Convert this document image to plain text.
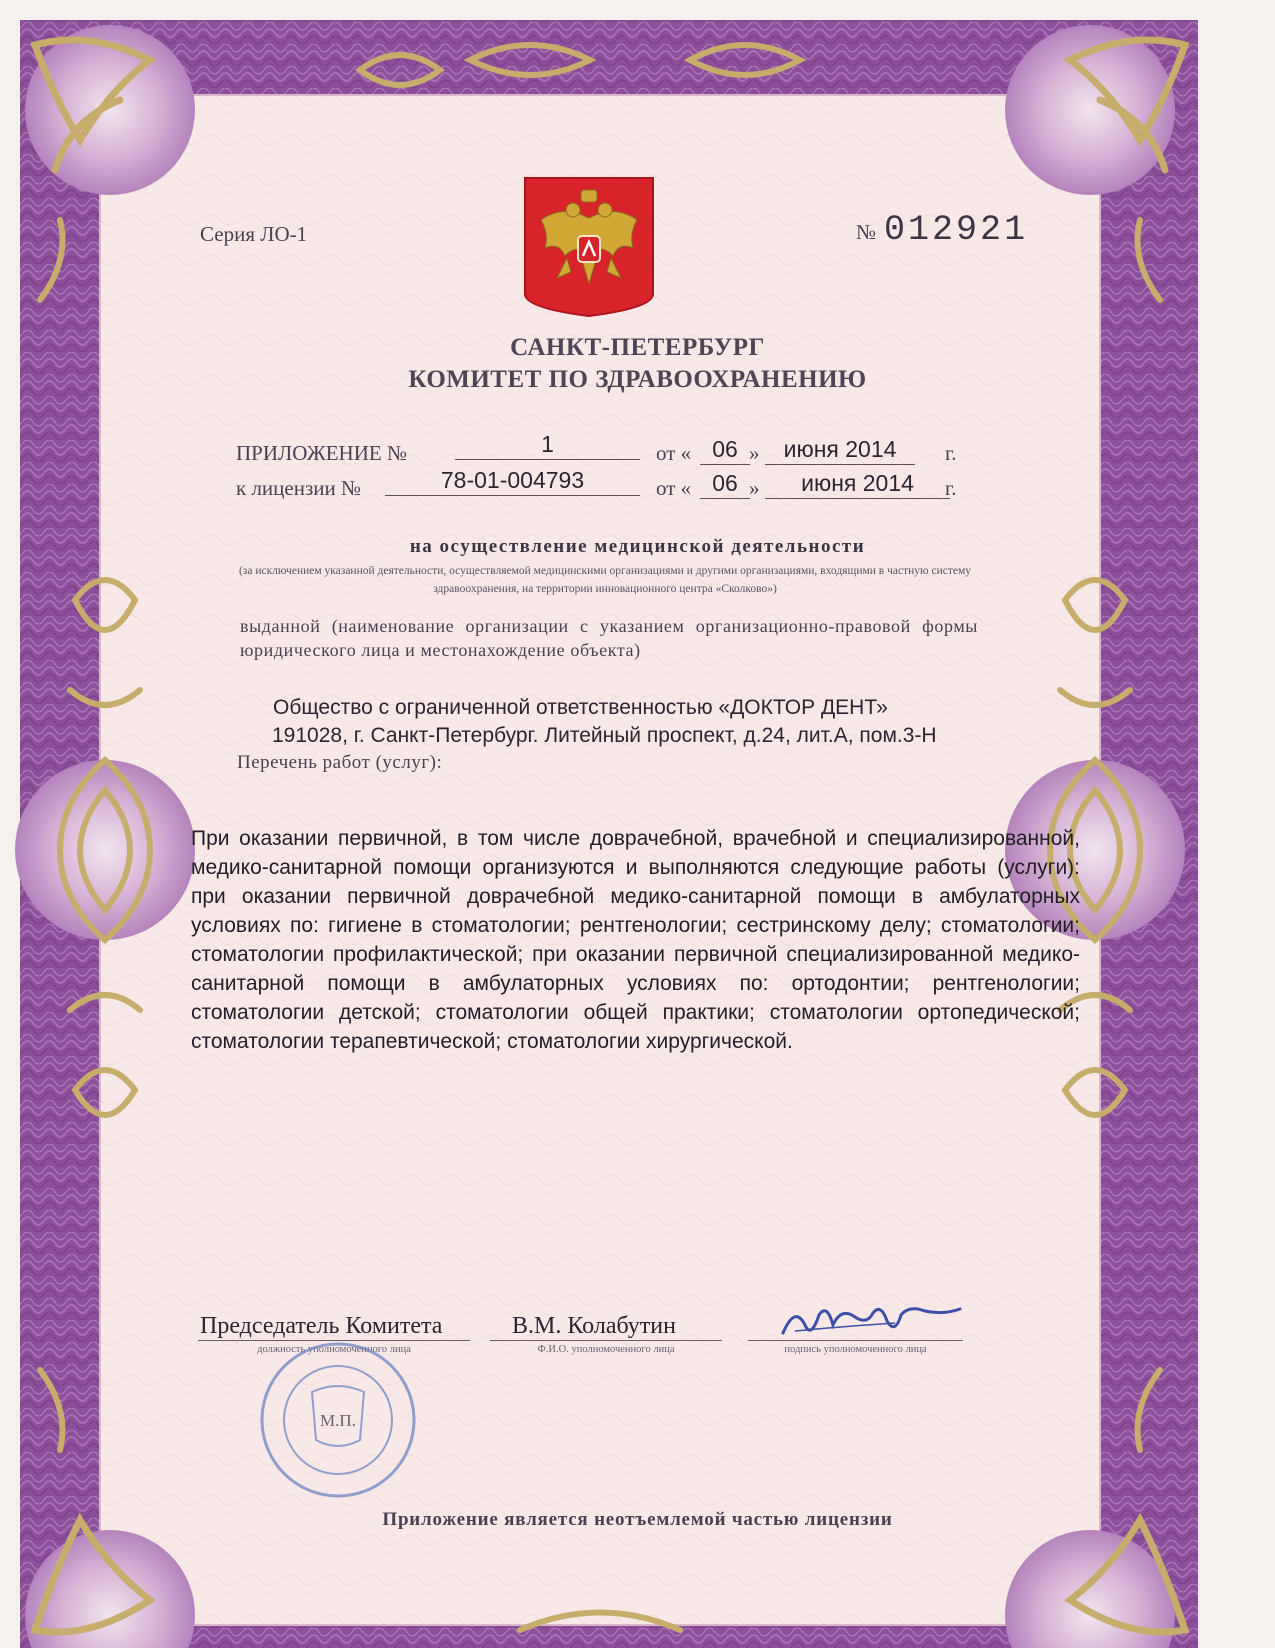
Серия ЛО-1	№ 012921
САНКТ-ПЕТЕРБУРГ
КОМИТЕТ ПО ЗДРАВООХРАНЕНИЮ
ПРИЛОЖЕНИЕ №	1	от « 06 »	июня 2014	г.
к лицензии №	78-01-004793	от « 06 »	июня 2014	г.
на осуществление медицинской деятельности
(за исключением указанной деятельности, осуществляемой медицинскими организациями и другими организациями, входящими в частную систему здравоохранения, на территории инновационного центра «Сколково»)
выданной (наименование организации с указанием организационно-правовой формы юридического лица и местонахождение объекта)
Общество с ограниченной ответственностью «ДОКТОР ДЕНТ»
191028, г. Санкт-Петербург. Литейный проспект, д.24, лит.А, пом.3-Н
Перечень работ (услуг):
При оказании первичной, в том числе доврачебной, врачебной и специализированной, медико-санитарной помощи организуются и выполняются следующие работы (услуги): при оказании первичной доврачебной медико-санитарной помощи в амбулаторных условиях по: гигиене в стоматологии; рентгенологии; сестринскому делу; стоматологии; стоматологии профилактической; при оказании первичной специализированной медико-санитарной помощи в амбулаторных условиях по: ортодонтии; рентгенологии; стоматологии детской; стоматологии общей практики; стоматологии ортопедической; стоматологии терапевтической; стоматологии хирургической.
Председатель Комитета
должность уполномоченного лица
В.М. Колабутин
Ф.И.О. уполномоченного лица	подпись уполномоченного лица
М.П.
Приложение является неотъемлемой частью лицензии
